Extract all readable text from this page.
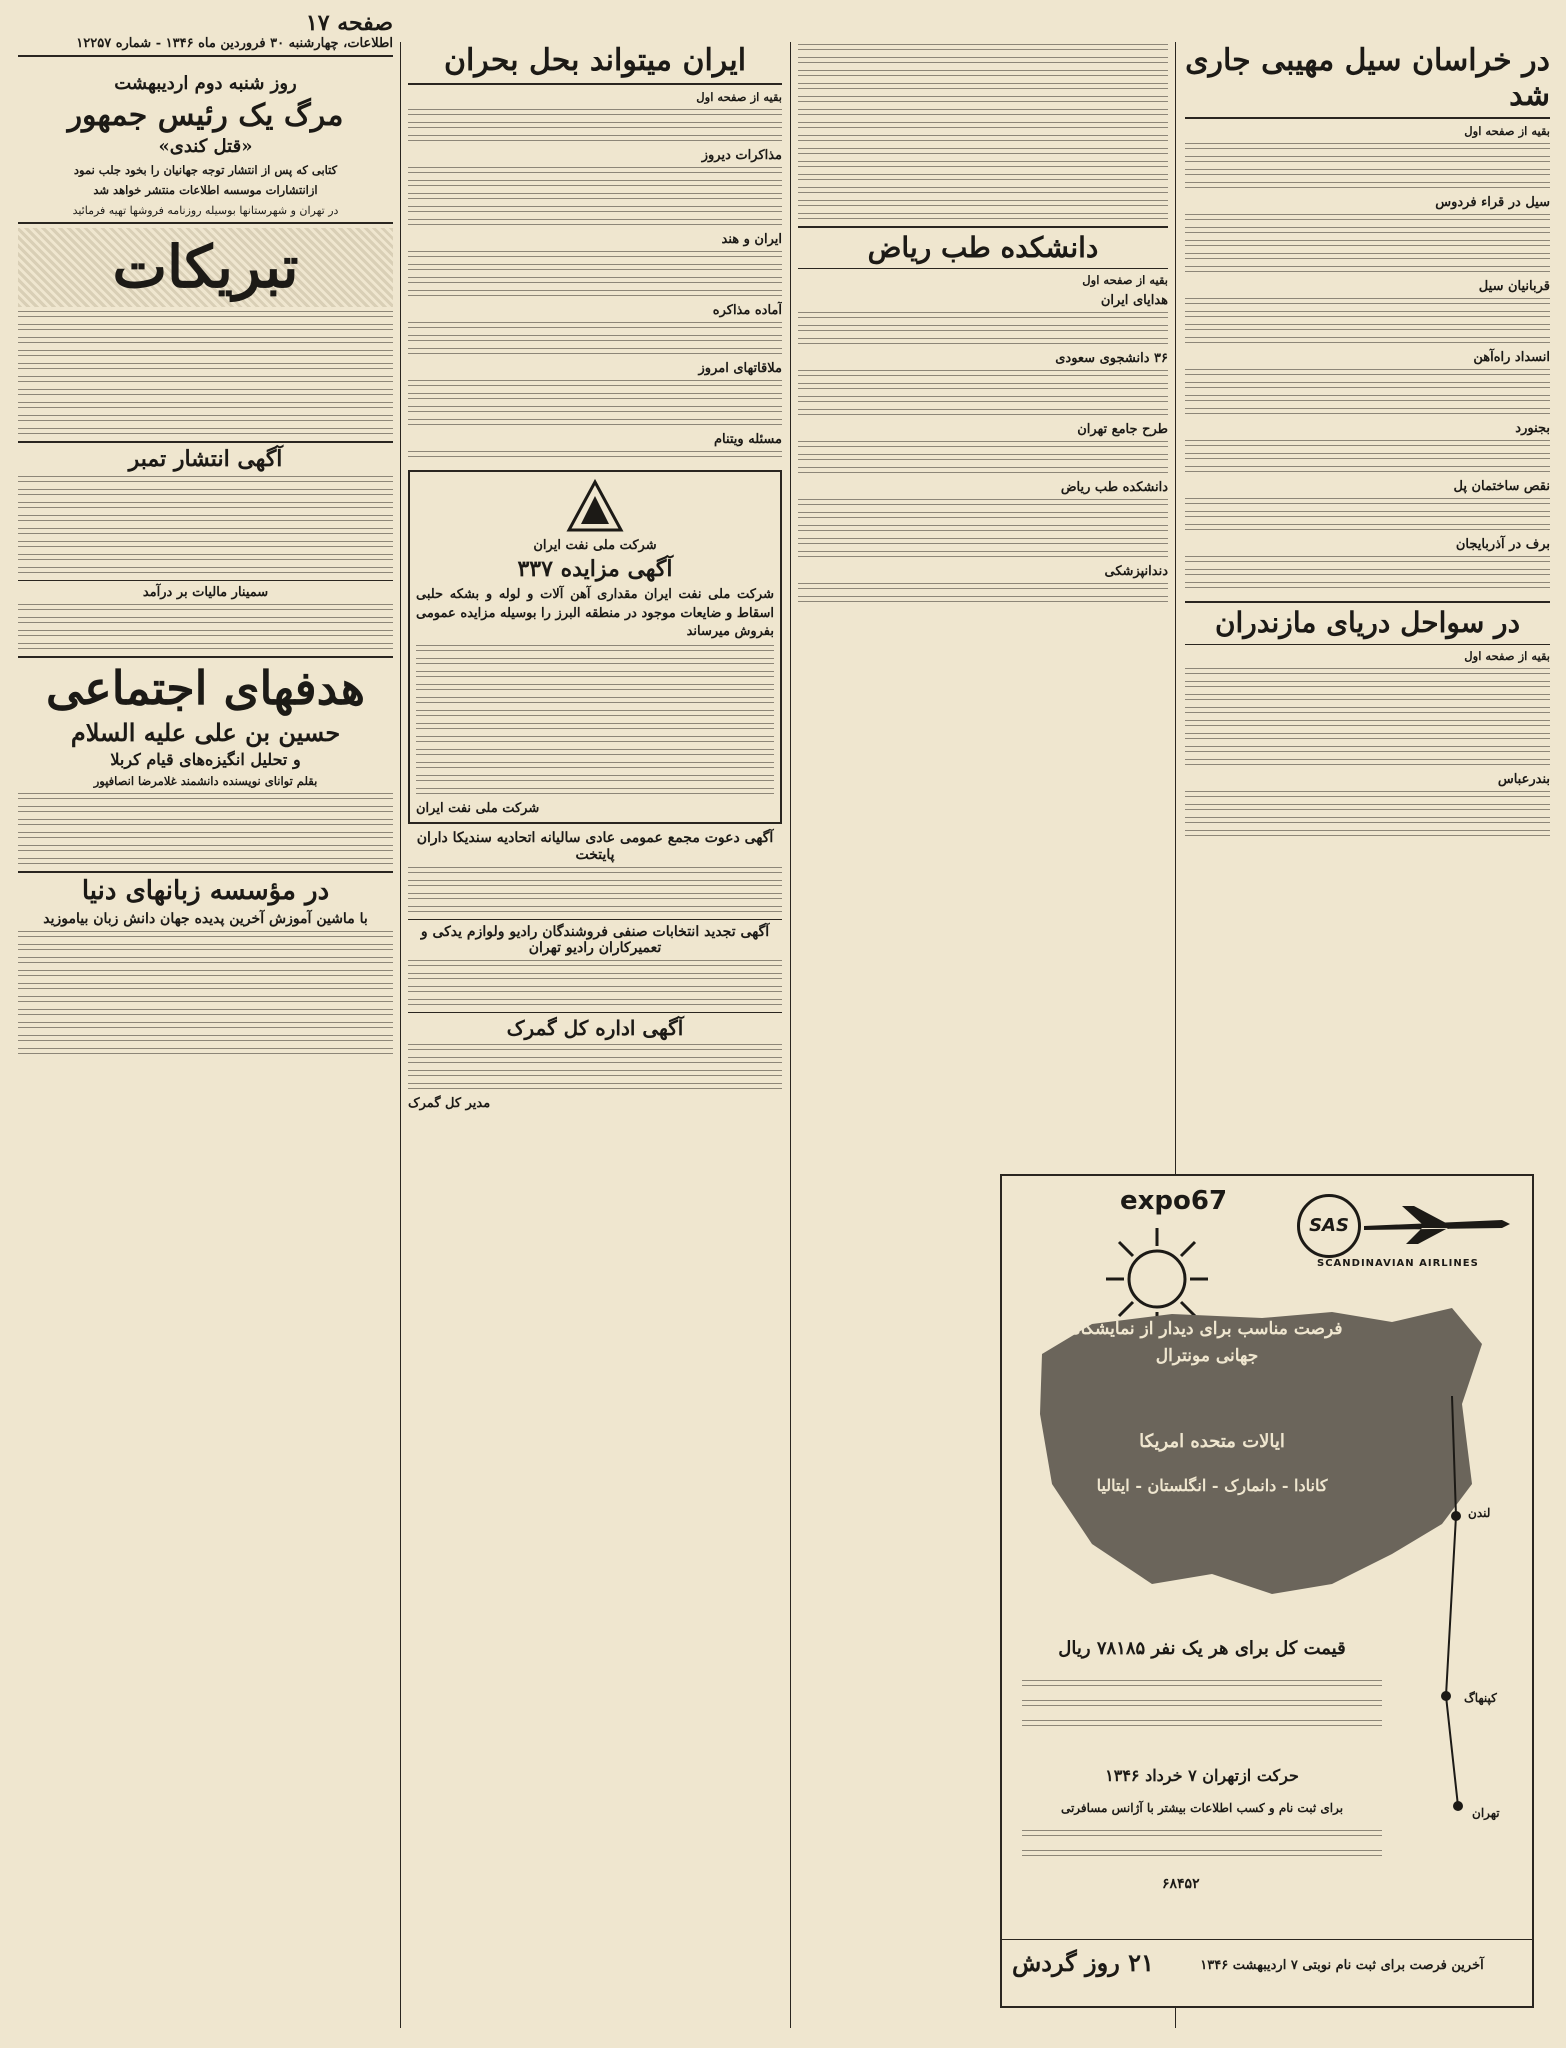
صفحه ۱۷
اطلاعات، چهارشنبه ۳۰ فروردین ماه ۱۳۴۶ - شماره ۱۲۲۵۷	در خراسان سیل مهیبی جاری شد

بقیه از صفحه اول

سیل در قراء فردوس
قربانیان سیل
انسداد راه‌آهن
بجنورد
نقص ساختمان پل
برف در آذربایجان
در سواحل دریای مازندران

بقیه از صفحه اول

بندرعباس
دانشکده طب ریاض

بقیه از صفحه اول

هدایای ایران
۳۶ دانشجوی سعودی
طرح جامع تهران
دانشکده طب ریاض
دندانپزشکی
expo67
SAS
SCANDINAVIAN AIRLINES
فرصت مناسب برای دیدار از نمایشگاه جهانی مونترال
ایالات متحده امریکا
کانادا - دانمارک - انگلستان - ایتالیا
قیمت کل برای هر یک نفر ۷۸۱۸۵ ریال
حرکت ازتهران ۷ خرداد ۱۳۴۶
برای ثبت نام و کسب اطلاعات بیشتر با آژانس مسافرتی
۶۸۴۵۲
لندن
کپنهاگ
تهران
۲۱ روز گردش	آخرین فرصت برای ثبت نام نوبتی ۷ اردیبهشت ۱۳۴۶
ایران میتواند بحل بحران

بقیه از صفحه اول

مذاکرات دیروز
ایران و هند
آماده مذاکره
ملاقاتهای امروز
مسئله ویتنام
شرکت ملی نفت ایران
آگهی مزایده ۳۳۷

شرکت ملی نفت ایران مقداری آهن آلات و لوله و بشکه حلبی اسقاط و ضایعات موجود در منطقه البرز را بوسیله مزایده عمومی بفروش میرساند

شرکت ملی نفت ایران
آگهی دعوت مجمع عمومی عادی سالیانه اتحادیه سندیکا داران پایتخت
آگهی تجدید انتخابات صنفی فروشندگان رادیو ولوازم یدکی و تعمیرکاران رادیو تهران
آگهی اداره کل گمرک
مدیر کل گمرک
روز شنبه دوم اردیبهشت
مرگ یک رئیس جمهور
«قتل کندی»

کتابی که پس از انتشار توجه جهانیان را بخود جلب نمود

ازانتشارات موسسه اطلاعات منتشر خواهد شد

در تهران و شهرستانها بوسیله روزنامه فروشها تهیه فرمائید

تبریکات
آگهی انتشار تمبر
سمینار مالیات بر درآمد
هدفهای اجتماعی
حسین بن علی علیه السلام
و تحلیل انگیزه‌های قیام کربلا

بقلم توانای نویسنده دانشمند غلامرضا انصافپور

در مؤسسه زبانهای دنیا
با ماشین آموزش آخرین پدیده جهان دانش زبان بیاموزید
